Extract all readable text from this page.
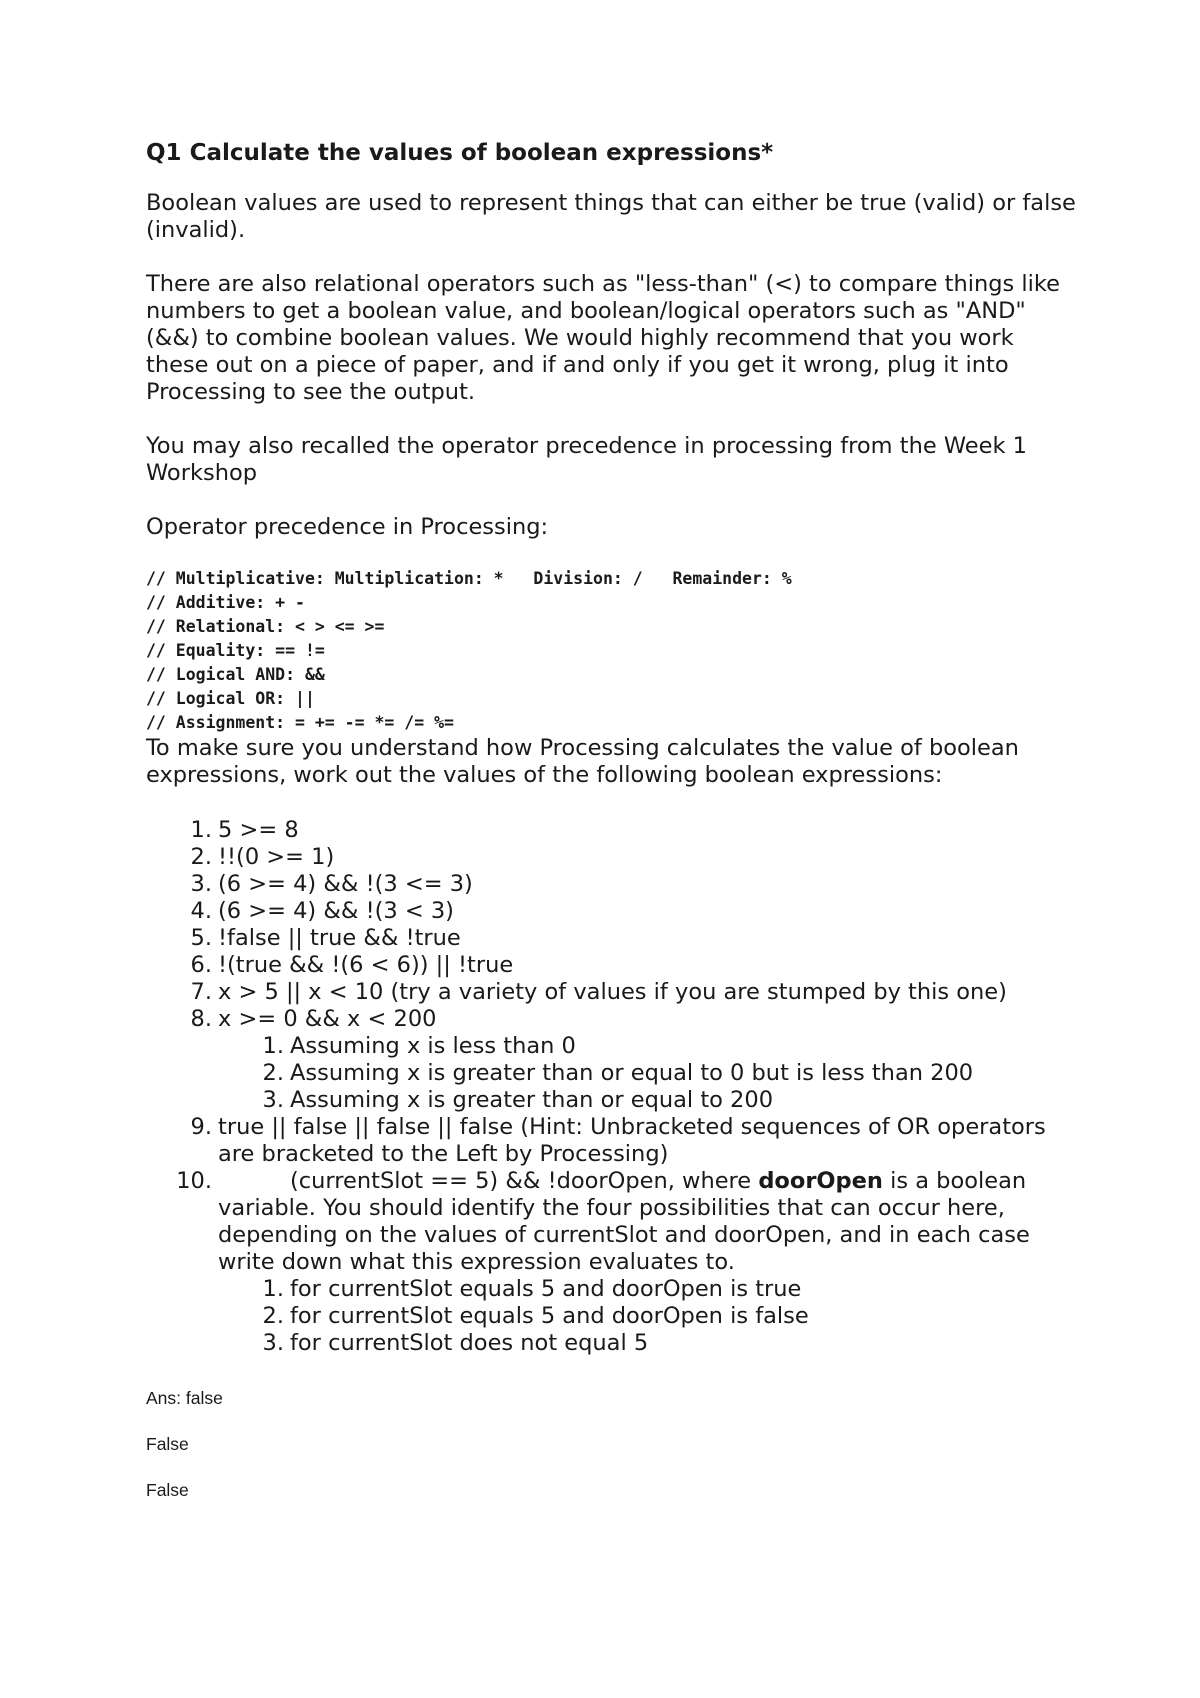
Q1 Calculate the values of boolean expressions*

Boolean values are used to represent things that can either be true (valid) or false (invalid).

There are also relational operators such as "less-than" (<) to compare things like numbers to get a boolean value, and boolean/logical operators such as "AND" (&&) to combine boolean values. We would highly recommend that you work these out on a piece of paper, and if and only if you get it wrong, plug it into Processing to see the output.

You may also recalled the operator precedence in processing from the Week 1 Workshop

Operator precedence in Processing:

// Multiplicative: Multiplication: *   Division: /   Remainder: %
// Additive: + -
// Relational: < > <= >=
// Equality: == !=
// Logical AND: &&
// Logical OR: ||
// Assignment: = += -= *= /= %=

To make sure you understand how Processing calculates the value of boolean expressions, work out the values of the following boolean expressions:

1. 5 >= 8
2. !!(0 >= 1)
3. (6 >= 4) && !(3 <= 3)
4. (6 >= 4) && !(3 < 3)
5. !false || true && !true
6. !(true && !(6 < 6)) || !true
7. x > 5 || x < 10 (try a variety of values if you are stumped by this one)
8. x >= 0 && x < 200
1. Assuming x is less than 0
2. Assuming x is greater than or equal to 0 but is less than 200
3. Assuming x is greater than or equal to 200
9. true || false || false || false (Hint: Unbracketed sequences of OR operators are bracketed to the Left by Processing)
10.	(currentSlot == 5) && !doorOpen, where doorOpen is a boolean variable. You should identify the four possibilities that can occur here, depending on the values of currentSlot and doorOpen, and in each case write down what this expression evaluates to.
1. for currentSlot equals 5 and doorOpen is true
2. for currentSlot equals 5 and doorOpen is false
3. for currentSlot does not equal 5
Ans: false
False
False
